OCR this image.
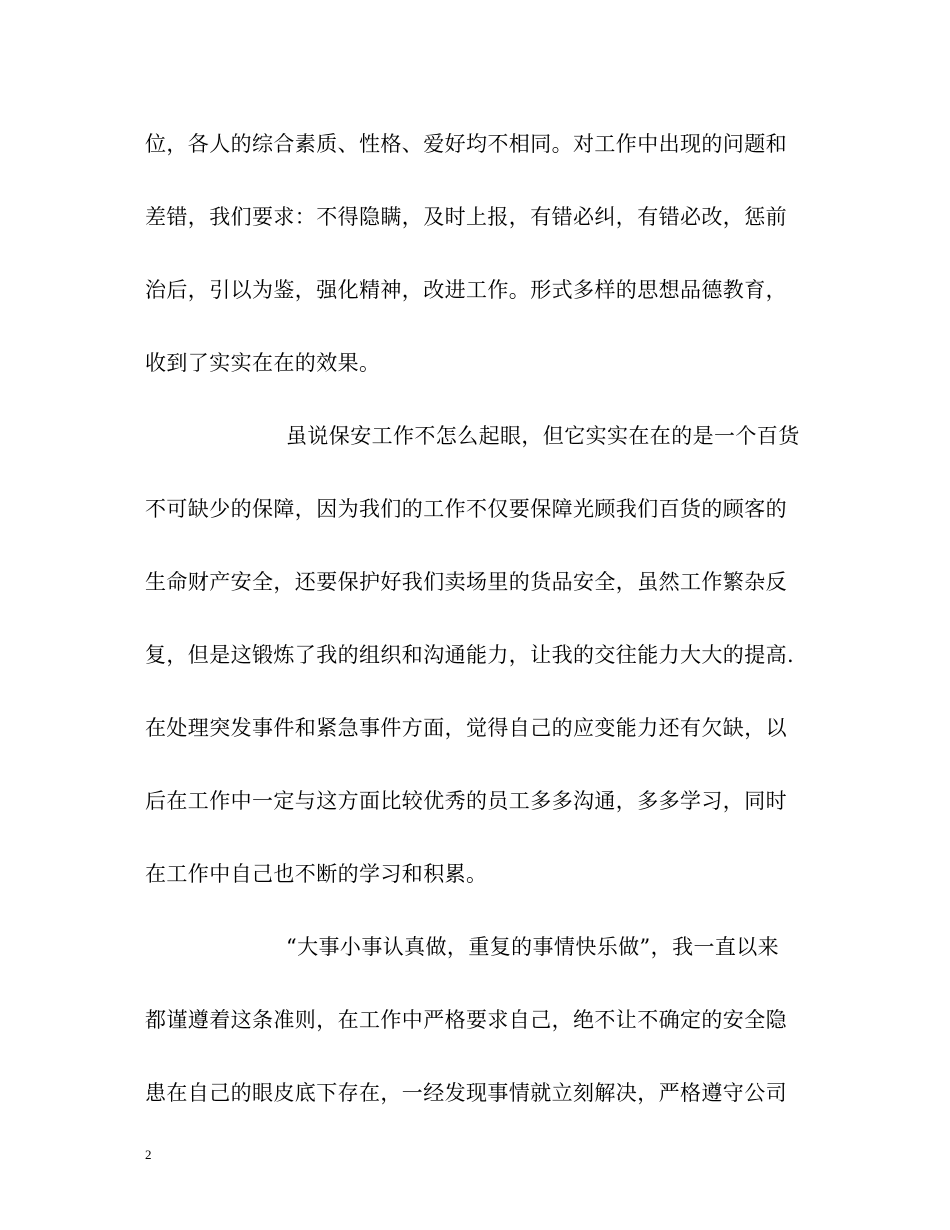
位，各人的综合素质、性格、爱好均不相同。对工作中出现的问题和
差错，我们要求：不得隐瞒，及时上报，有错必纠，有错必改，惩前
治后，引以为鉴，强化精神，改进工作。形式多样的思想品德教育，
收到了实实在在的效果。
虽说保安工作不怎么起眼，但它实实在在的是一个百货
不可缺少的保障，因为我们的工作不仅要保障光顾我们百货的顾客的
生命财产安全，还要保护好我们卖场里的货品安全，虽然工作繁杂反
复，但是这锻炼了我的组织和沟通能力，让我的交往能力大大的提高.
在处理突发事件和紧急事件方面，觉得自己的应变能力还有欠缺，以
后在工作中一定与这方面比较优秀的员工多多沟通，多多学习，同时
在工作中自己也不断的学习和积累。
“大事小事认真做，重复的事情快乐做”，我一直以来
都谨遵着这条准则，在工作中严格要求自己，绝不让不确定的安全隐
患在自己的眼皮底下存在，一经发现事情就立刻解决，严格遵守公司
2
